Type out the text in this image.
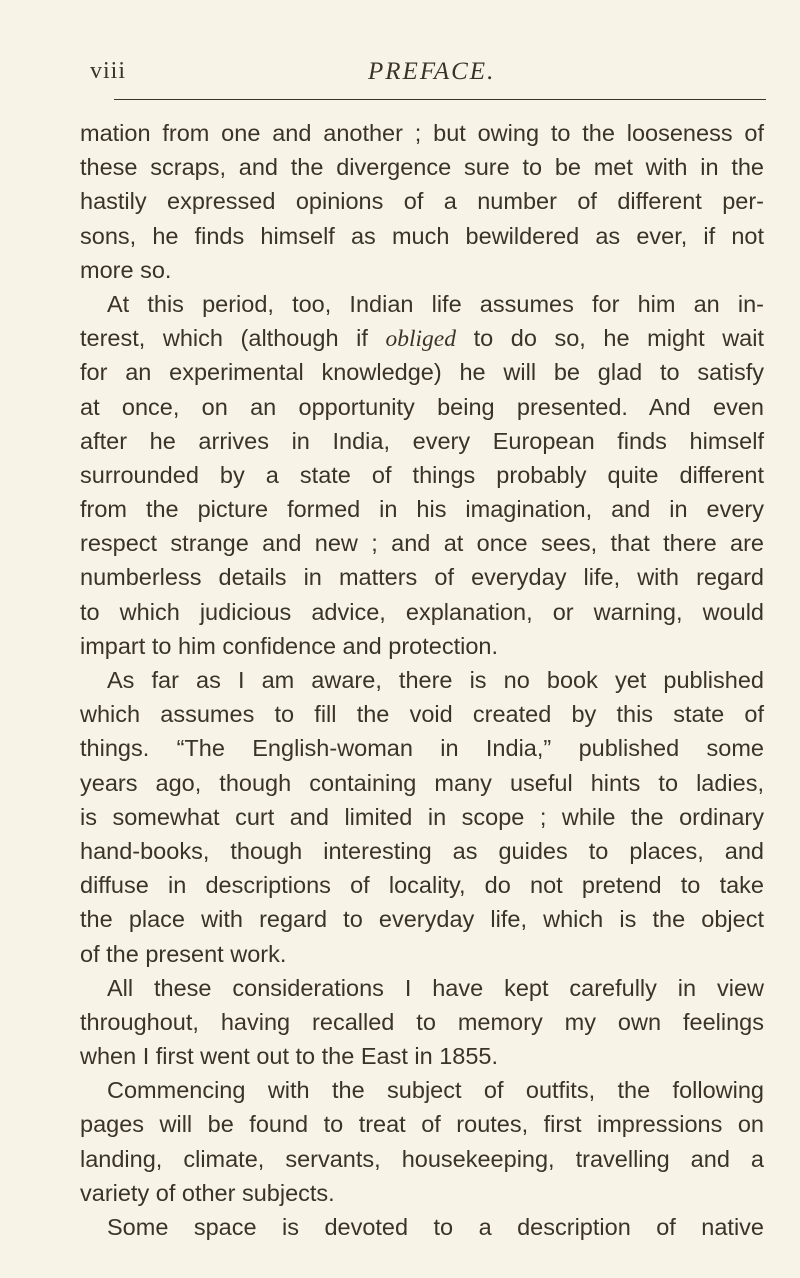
viii	PREFACE.
mation from one and another ; but owing to the looseness of
these scraps, and the divergence sure to be met with in the
hastily expressed opinions of a number of different per-
sons, he finds himself as much bewildered as ever, if not
more so.
At this period, too, Indian life assumes for him an in-
terest, which (although if obliged to do so, he might wait
for an experimental knowledge) he will be glad to satisfy
at once, on an opportunity being presented. And even
after he arrives in India, every European finds himself
surrounded by a state of things probably quite different
from the picture formed in his imagination, and in every
respect strange and new ; and at once sees, that there are
numberless details in matters of everyday life, with regard
to which judicious advice, explanation, or warning, would
impart to him confidence and protection.
As far as I am aware, there is no book yet published
which assumes to fill the void created by this state of
things. “The English-woman in India,” published some
years ago, though containing many useful hints to ladies,
is somewhat curt and limited in scope ; while the ordinary
hand-books, though interesting as guides to places, and
diffuse in descriptions of locality, do not pretend to take
the place with regard to everyday life, which is the object
of the present work.
All these considerations I have kept carefully in view
throughout, having recalled to memory my own feelings
when I first went out to the East in 1855.
Commencing with the subject of outfits, the following
pages will be found to treat of routes, first impressions on
landing, climate, servants, housekeeping, travelling and a
variety of other subjects.
Some space is devoted to a description of native
